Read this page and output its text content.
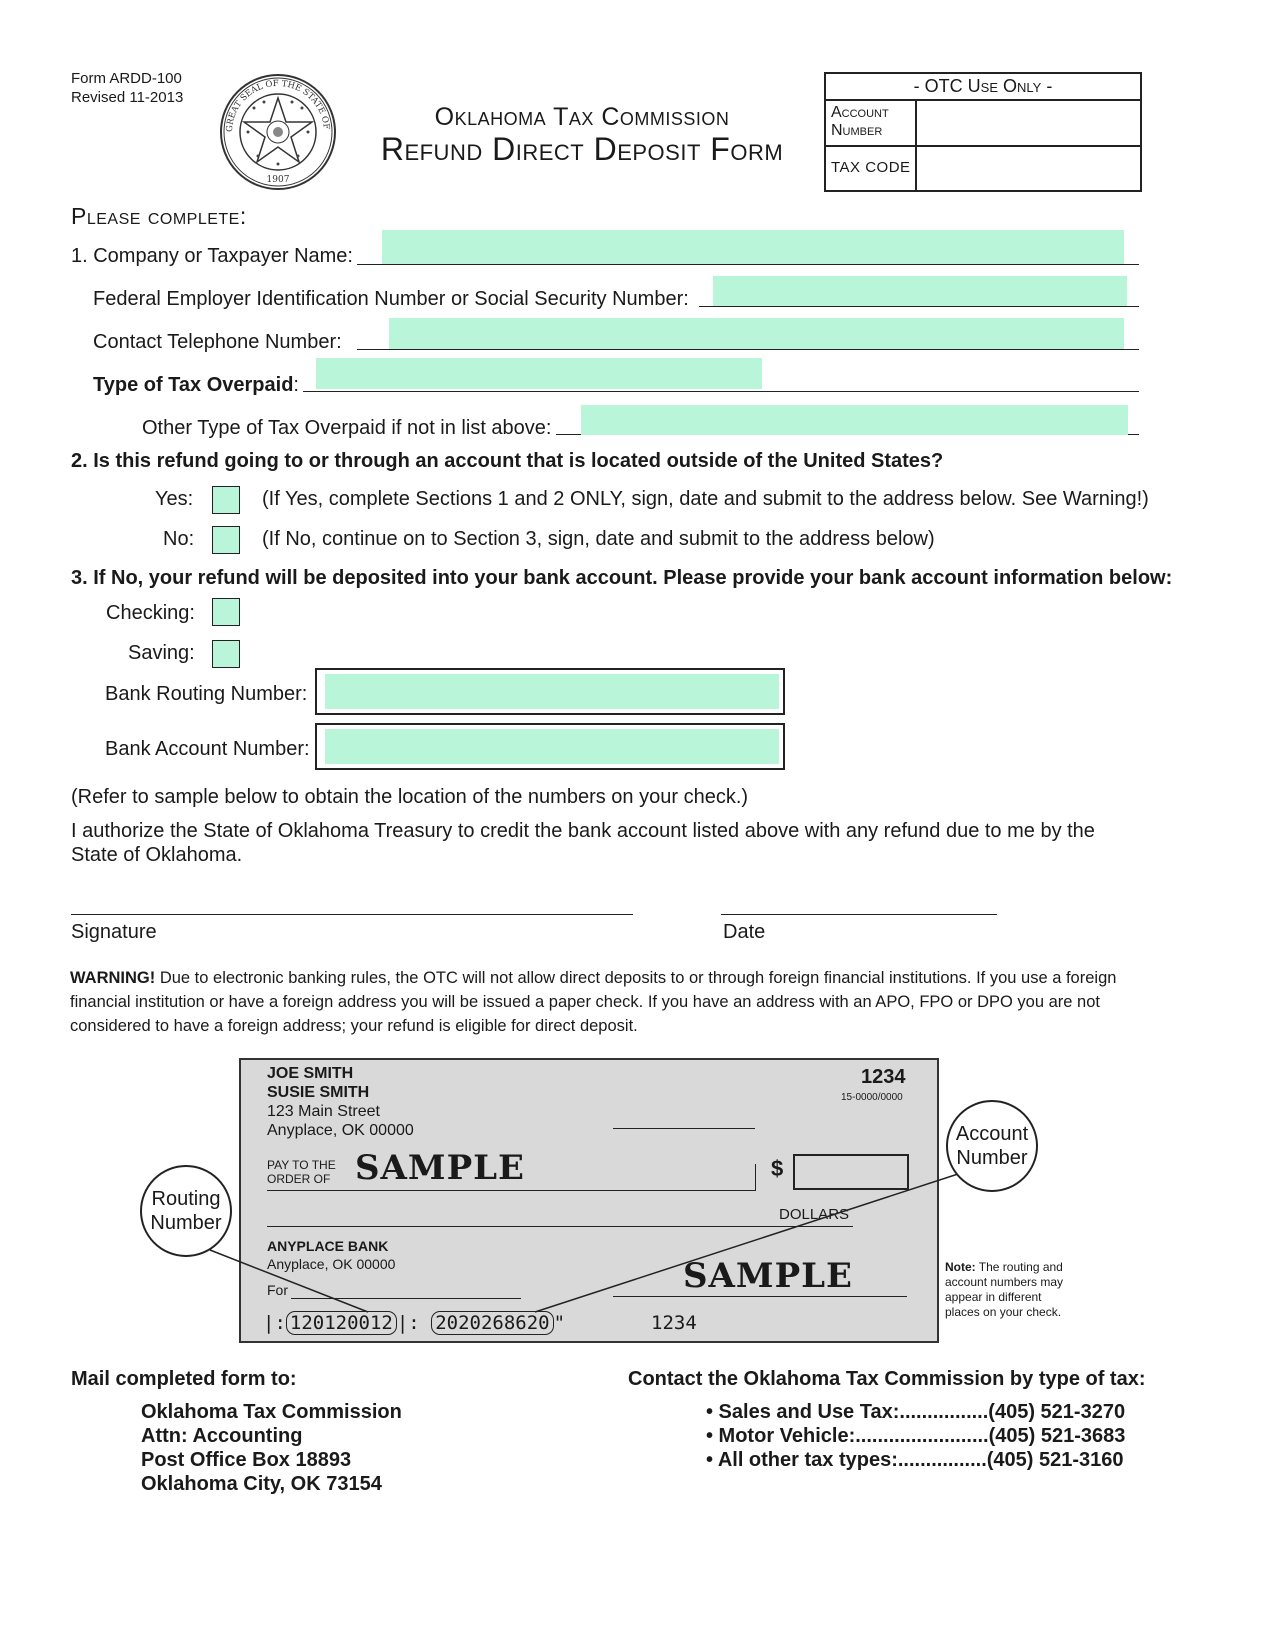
Form ARDD-100
Revised 11-2013
GREAT SEAL OF THE STATE OF
1907
Oklahoma Tax Commission
Refund Direct Deposit Form
- OTC Use Only -
Account Number
TAX CODE
Please complete:
1. Company or Taxpayer Name:
Federal Employer Identification Number or Social Security Number:
Contact Telephone Number:
Type of Tax Overpaid:
Other Type of Tax Overpaid if not in list above:
2. Is this refund going to or through an account that is located outside of the United States?
Yes:	(If Yes, complete Sections 1 and 2 ONLY, sign, date and submit to the address below. See Warning!)
No:	(If No, continue on to Section 3, sign, date and submit to the address below)
3. If No, your refund will be deposited into your bank account. Please provide your bank account information below:
Checking:
Saving:
Bank Routing Number:
Bank Account Number:
(Refer to sample below to obtain the location of the numbers on your check.)
I authorize the State of Oklahoma Treasury to credit the bank account listed above with any refund due to me by the State of Oklahoma.
Signature	Date
WARNING! Due to electronic banking rules, the OTC will not allow direct deposits to or through foreign financial institutions. If you use a foreign financial institution or have a foreign address you will be issued a paper check. If you have an address with an APO, FPO or DPO you are not considered to have a foreign address; your refund is eligible for direct deposit.
JOE SMITH
SUSIE SMITH
123 Main Street
Anyplace, OK 00000
1234
15-0000/0000
PAY TO THE
ORDER OF SAMPLE	$
DOLLARS
ANYPLACE BANK
Anyplace, OK 00000
For	SAMPLE
|: 120120012 |: 2020268620 "	1234
Routing Number
Account Number
Note: The routing and account numbers may appear in different places on your check.
Mail completed form to:
Oklahoma Tax Commission
Attn: Accounting
Post Office Box 18893
Oklahoma City, OK 73154
Contact the Oklahoma Tax Commission by type of tax:
• Sales and Use Tax:................(405) 521-3270
• Motor Vehicle:........................(405) 521-3683
• All other tax types:................(405) 521-3160
